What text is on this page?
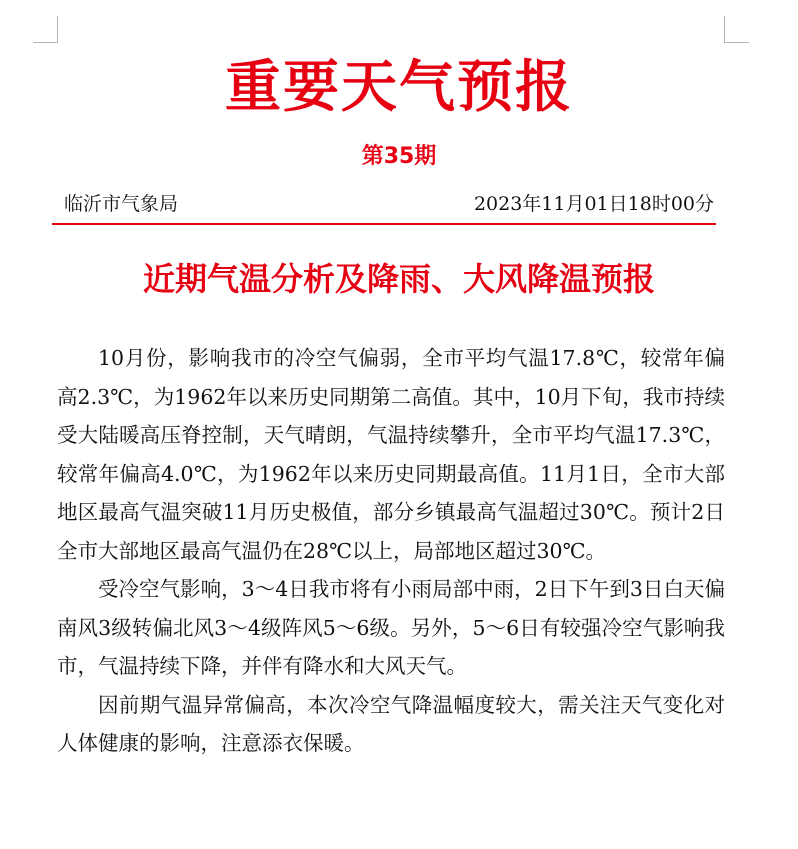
重要天气预报
第35期
临沂市气象局	2023年11月01日18时00分
近期气温分析及降雨、大风降温预报

10月份，影响我市的冷空气偏弱，全市平均气温17.8℃，较常年偏高2.3℃，为1962年以来历史同期第二高值。其中，10月下旬，我市持续受大陆暖高压脊控制，天气晴朗，气温持续攀升，全市平均气温17.3℃，较常年偏高4.0℃，为1962年以来历史同期最高值。11月1日，全市大部地区最高气温突破11月历史极值，部分乡镇最高气温超过30℃。预计2日全市大部地区最高气温仍在28℃以上，局部地区超过30℃。

受冷空气影响，3～4日我市将有小雨局部中雨，2日下午到3日白天偏南风3级转偏北风3～4级阵风5～6级。另外，5～6日有较强冷空气影响我市，气温持续下降，并伴有降水和大风天气。

因前期气温异常偏高，本次冷空气降温幅度较大，需关注天气变化对人体健康的影响，注意添衣保暖。
